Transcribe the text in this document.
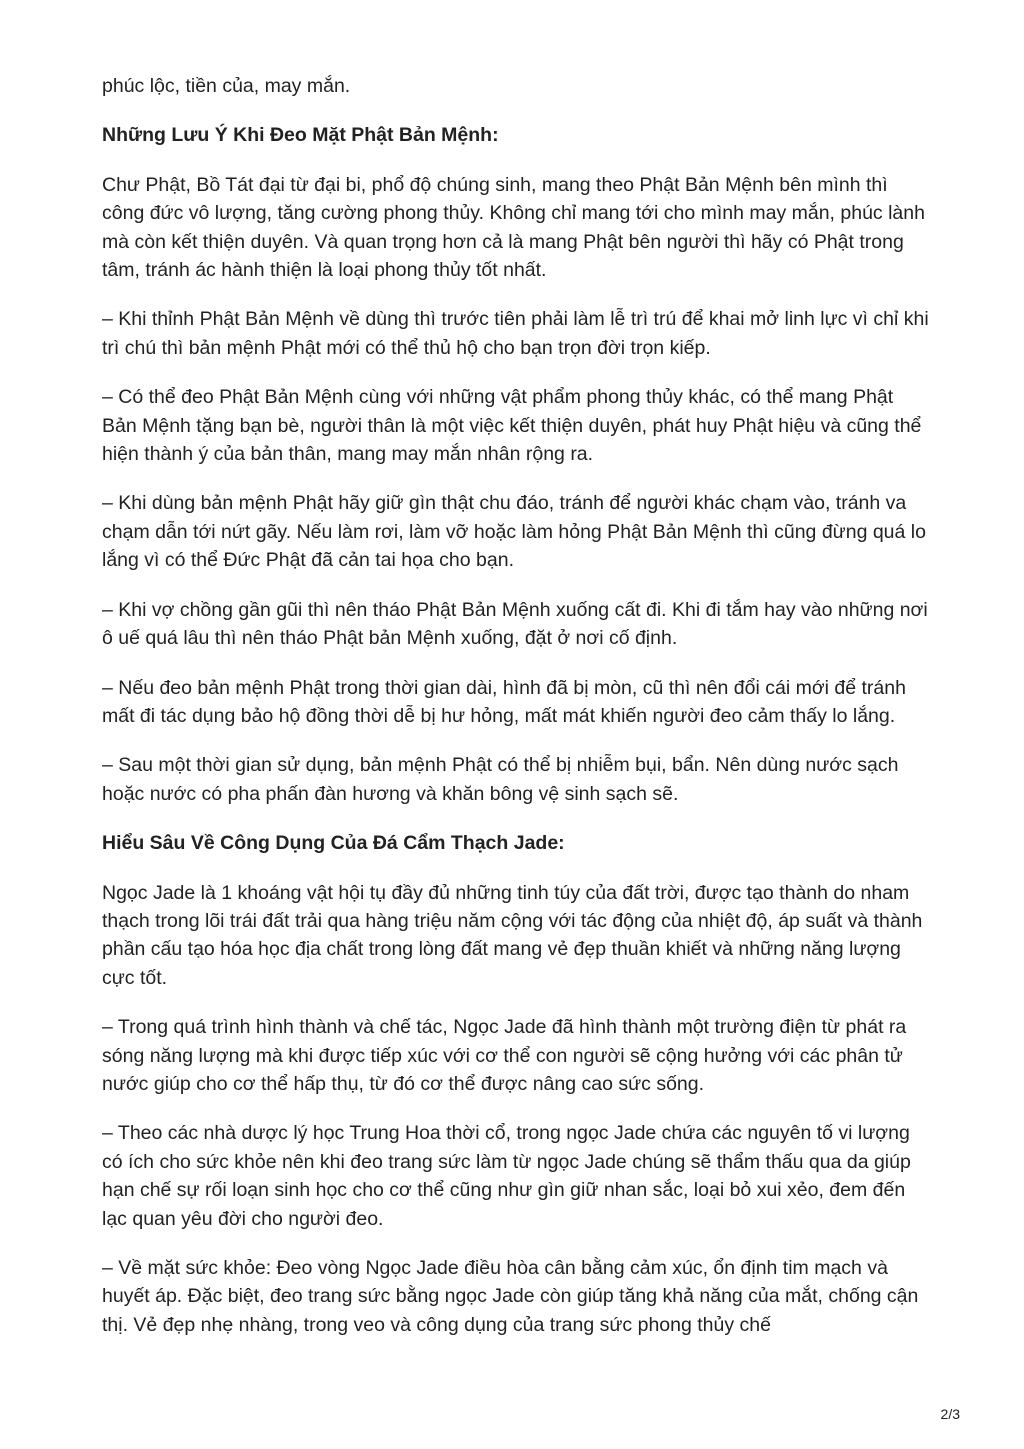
phúc lộc, tiền của, may mắn.

Những Lưu Ý Khi Đeo Mặt Phật Bản Mệnh:

Chư Phật, Bồ Tát đại từ đại bi, phổ độ chúng sinh, mang theo Phật Bản Mệnh bên mình thì công đức vô lượng, tăng cường phong thủy. Không chỉ mang tới cho mình may mắn, phúc lành mà còn kết thiện duyên. Và quan trọng hơn cả là mang Phật bên người thì hãy có Phật trong tâm, tránh ác hành thiện là loại phong thủy tốt nhất.

– Khi thỉnh Phật Bản Mệnh về dùng thì trước tiên phải làm lễ trì trú để khai mở linh lực vì chỉ khi trì chú thì bản mệnh Phật mới có thể thủ hộ cho bạn trọn đời trọn kiếp.

– Có thể đeo Phật Bản Mệnh cùng với những vật phẩm phong thủy khác, có thể mang Phật Bản Mệnh tặng bạn bè, người thân là một việc kết thiện duyên, phát huy Phật hiệu và cũng thể hiện thành ý của bản thân, mang may mắn nhân rộng ra.

– Khi dùng bản mệnh Phật hãy giữ gìn thật chu đáo, tránh để người khác chạm vào, tránh va chạm dẫn tới nứt gãy. Nếu làm rơi, làm vỡ hoặc làm hỏng Phật Bản Mệnh thì cũng đừng quá lo lắng vì có thể Đức Phật đã cản tai họa cho bạn.

– Khi vợ chồng gần gũi thì nên tháo Phật Bản Mệnh xuống cất đi. Khi đi tắm hay vào những nơi ô uế quá lâu thì nên tháo Phật bản Mệnh xuống, đặt ở nơi cố định.

– Nếu đeo bản mệnh Phật trong thời gian dài, hình đã bị mòn, cũ thì nên đổi cái mới để tránh mất đi tác dụng bảo hộ đồng thời dễ bị hư hỏng, mất mát khiến người đeo cảm thấy lo lắng.

– Sau một thời gian sử dụng, bản mệnh Phật có thể bị nhiễm bụi, bẩn. Nên dùng nước sạch hoặc nước có pha phấn đàn hương và khăn bông vệ sinh sạch sẽ.

Hiểu Sâu Về Công Dụng Của Đá Cẩm Thạch Jade:

Ngọc Jade là 1 khoáng vật hội tụ đầy đủ những tinh túy của đất trời, được tạo thành do nham thạch trong lõi trái đất trải qua hàng triệu năm cộng với tác động của nhiệt độ, áp suất và thành phần cấu tạo hóa học địa chất trong lòng đất mang vẻ đẹp thuần khiết và những năng lượng cực tốt.

– Trong quá trình hình thành và chế tác, Ngọc Jade đã hình thành một trường điện từ phát ra sóng năng lượng mà khi được tiếp xúc với cơ thể con người sẽ cộng hưởng với các phân tử nước giúp cho cơ thể hấp thụ, từ đó cơ thể được nâng cao sức sống.

– Theo các nhà dược lý học Trung Hoa thời cổ, trong ngọc Jade chứa các nguyên tố vi lượng có ích cho sức khỏe nên khi đeo trang sức làm từ ngọc Jade chúng sẽ thẩm thấu qua da giúp hạn chế sự rối loạn sinh học cho cơ thể cũng như gìn giữ nhan sắc, loại bỏ xui xẻo, đem đến lạc quan yêu đời cho người đeo.

– Về mặt sức khỏe: Đeo vòng Ngọc Jade điều hòa cân bằng cảm xúc, ổn định tim mạch và huyết áp. Đặc biệt, đeo trang sức bằng ngọc Jade còn giúp tăng khả năng của mắt, chống cận thị. Vẻ đẹp nhẹ nhàng, trong veo và công dụng của trang sức phong thủy chế

2/3
